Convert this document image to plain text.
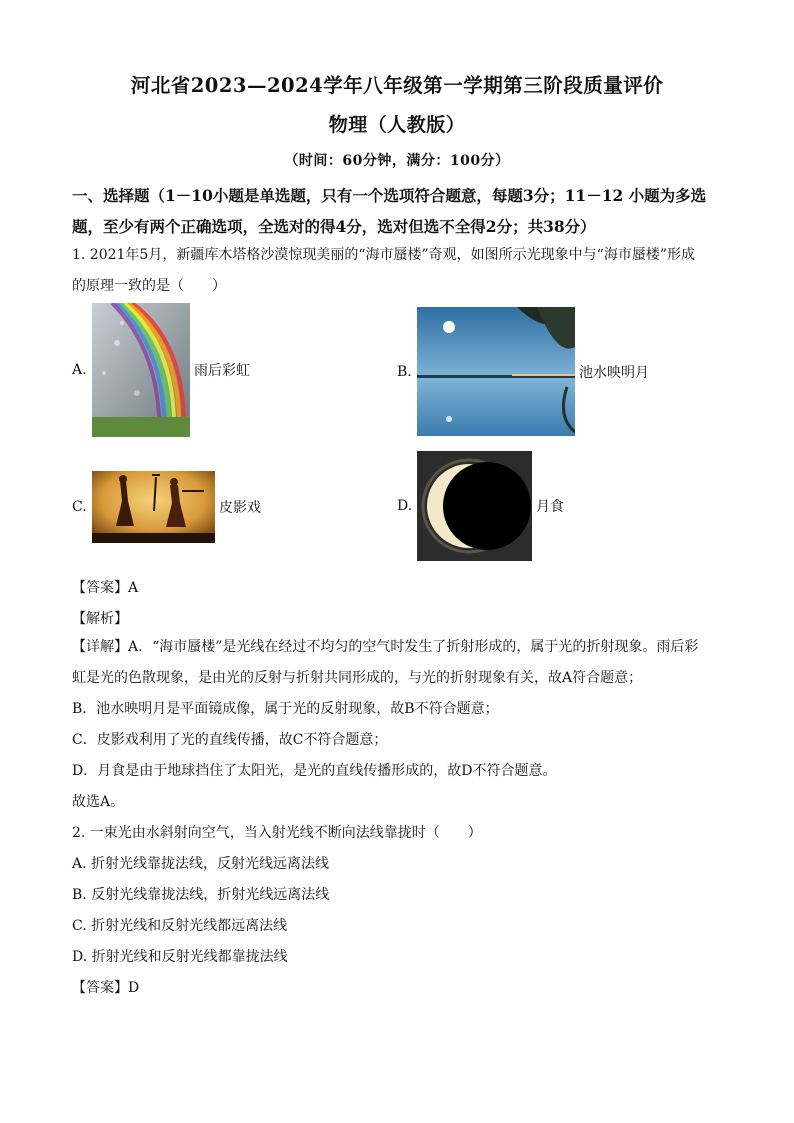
河北省2023—2024学年八年级第一学期第三阶段质量评价
物理（人教版）
（时间：60分钟，满分：100分）
一、选择题（1－10小题是单选题，只有一个选项符合题意，每题3分；11－12 小题为多选
题，至少有两个正确选项，全选对的得4分，选对但选不全得2分；共38分）
1. 2021年5月，新疆库木塔格沙漠惊现美丽的“海市蜃楼”奇观，如图所示光现象中与“海市蜃楼”形成
的原理一致的是（　　）
A.	雨后彩虹	B.	池水映明月
C.	皮影戏	D.	月食
【答案】A
【解析】
【详解】A．“海市蜃楼”是光线在经过不均匀的空气时发生了折射形成的，属于光的折射现象。雨后彩
虹是光的色散现象，是由光的反射与折射共同形成的，与光的折射现象有关，故A符合题意；
B．池水映明月是平面镜成像，属于光的反射现象，故B不符合题意；
C．皮影戏利用了光的直线传播，故C不符合题意；
D．月食是由于地球挡住了太阳光，是光的直线传播形成的，故D不符合题意。
故选A。
2. 一束光由水斜射向空气，当入射光线不断向法线靠拢时（　　）
A. 折射光线靠拢法线，反射光线远离法线
B. 反射光线靠拢法线，折射光线远离法线
C. 折射光线和反射光线都远离法线
D. 折射光线和反射光线都靠拢法线
【答案】D
